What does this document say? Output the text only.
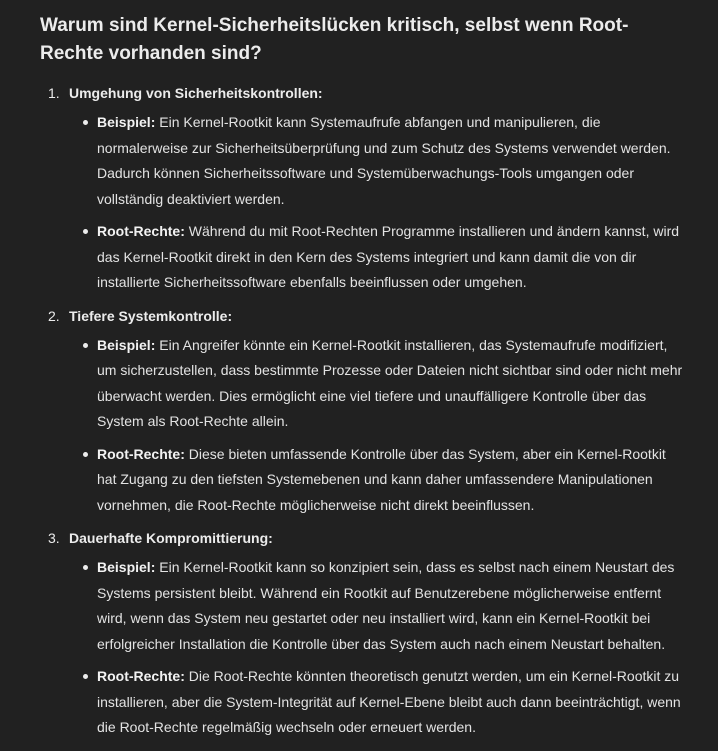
Warum sind Kernel-Sicherheitslücken kritisch, selbst wenn Root-Rechte vorhanden sind?
1. Umgehung von Sicherheitskontrollen:
Beispiel: Ein Kernel-Rootkit kann Systemaufrufe abfangen und manipulieren, die normalerweise zur Sicherheitsüberprüfung und zum Schutz des Systems verwendet werden. Dadurch können Sicherheitssoftware und Systemüberwachungs-Tools umgangen oder vollständig deaktiviert werden.
Root-Rechte: Während du mit Root-Rechten Programme installieren und ändern kannst, wird das Kernel-Rootkit direkt in den Kern des Systems integriert und kann damit die von dir installierte Sicherheitssoftware ebenfalls beeinflussen oder umgehen.
2. Tiefere Systemkontrolle:
Beispiel: Ein Angreifer könnte ein Kernel-Rootkit installieren, das Systemaufrufe modifiziert, um sicherzustellen, dass bestimmte Prozesse oder Dateien nicht sichtbar sind oder nicht mehr überwacht werden. Dies ermöglicht eine viel tiefere und unauffälligere Kontrolle über das System als Root-Rechte allein.
Root-Rechte: Diese bieten umfassende Kontrolle über das System, aber ein Kernel-Rootkit hat Zugang zu den tiefsten Systemebenen und kann daher umfassendere Manipulationen vornehmen, die Root-Rechte möglicherweise nicht direkt beeinflussen.
3. Dauerhafte Kompromittierung:
Beispiel: Ein Kernel-Rootkit kann so konzipiert sein, dass es selbst nach einem Neustart des Systems persistent bleibt. Während ein Rootkit auf Benutzerebene möglicherweise entfernt wird, wenn das System neu gestartet oder neu installiert wird, kann ein Kernel-Rootkit bei erfolgreicher Installation die Kontrolle über das System auch nach einem Neustart behalten.
Root-Rechte: Die Root-Rechte könnten theoretisch genutzt werden, um ein Kernel-Rootkit zu installieren, aber die System-Integrität auf Kernel-Ebene bleibt auch dann beeinträchtigt, wenn die Root-Rechte regelmäßig wechseln oder erneuert werden.
